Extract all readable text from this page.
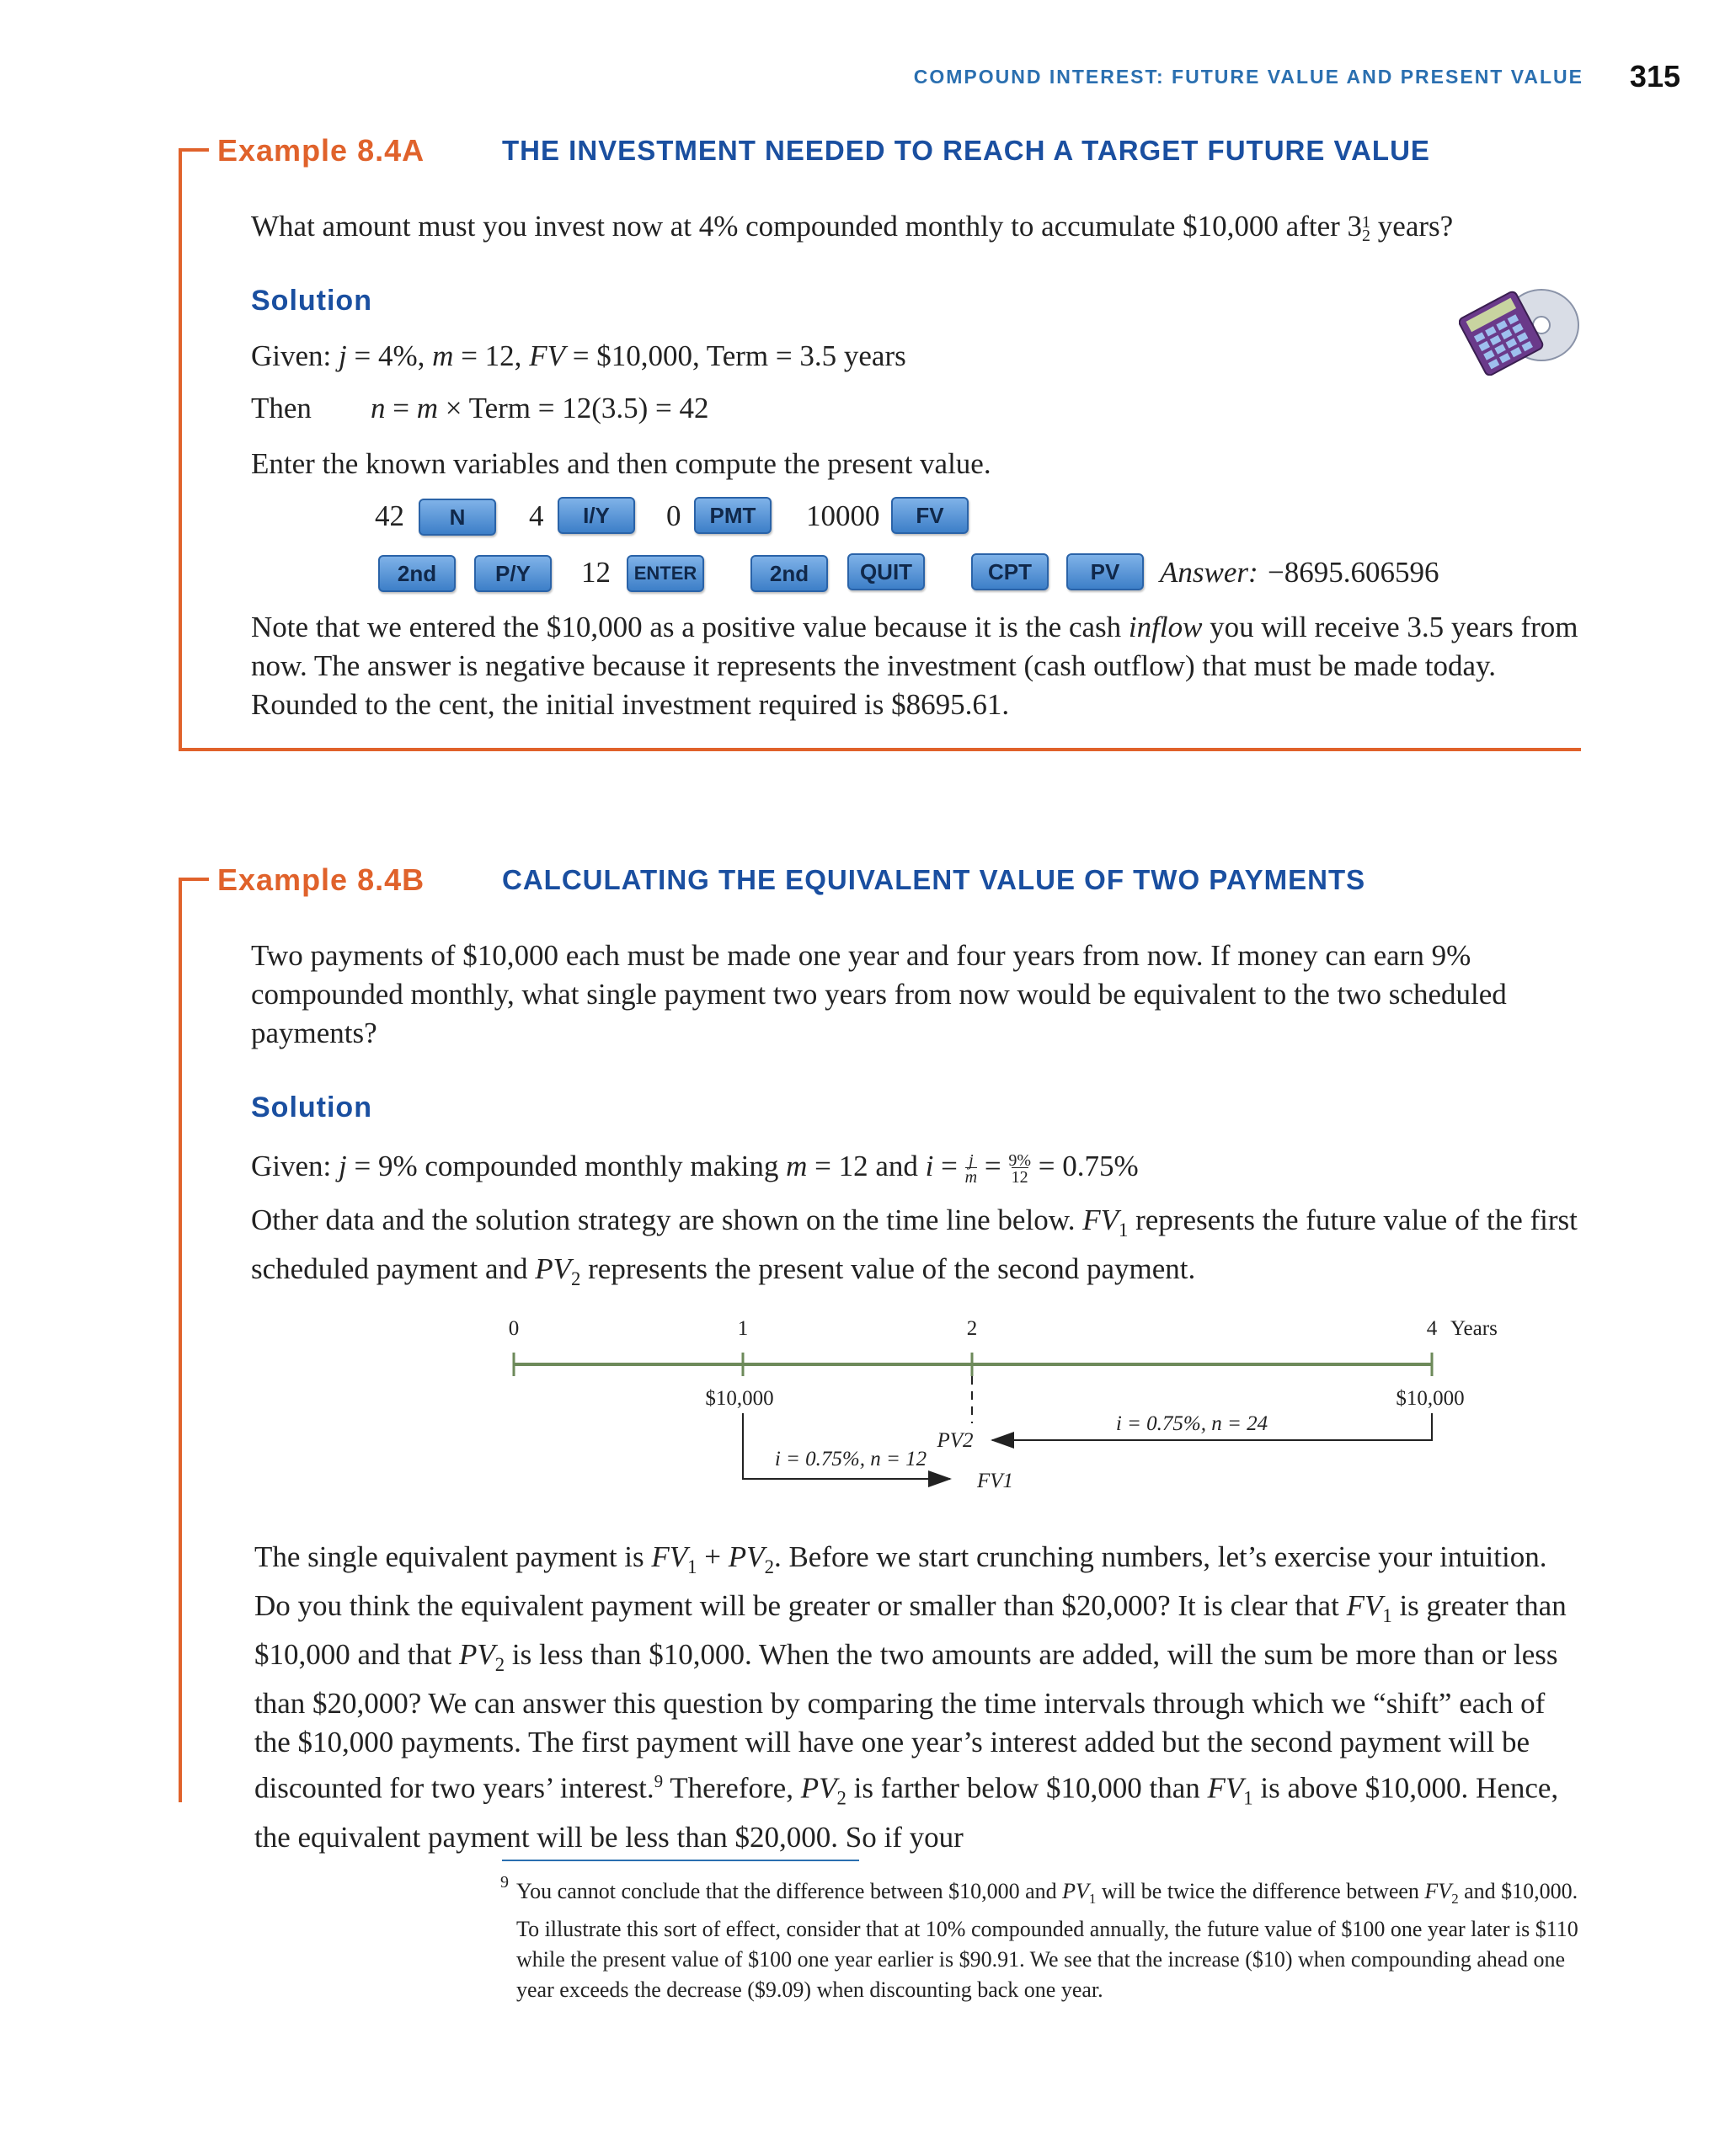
COMPOUND INTEREST: FUTURE VALUE AND PRESENT VALUE	315
Example 8.4A	THE INVESTMENT NEEDED TO REACH A TARGET FUTURE VALUE
What amount must you invest now at 4% compounded monthly to accumulate $10,000 after 31
2 years?
Solution
Given: j = 4%, m = 12, FV = $10,000, Term = 3.5 years
Then n = m × Term = 12(3.5) = 42
Enter the known variables and then compute the present value.
42	N	4	I/Y	0	PMT	10000	FV
2nd	P/Y	12	ENTER	2nd	QUIT	CPT	PV	Answer: −8695.606596
Note that we entered the $10,000 as a positive value because it is the cash inflow you will receive 3.5 years from now. The answer is negative because it represents the investment (cash outflow) that must be made today. Rounded to the cent, the initial investment required is $8695.61.
Example 8.4B	CALCULATING THE EQUIVALENT VALUE OF TWO PAYMENTS
Two payments of $10,000 each must be made one year and four years from now. If money can earn 9% compounded monthly, what single payment two years from now would be equivalent to the two scheduled payments?
Solution
Given: j = 9% compounded monthly making m = 12 and $i = \frac{j}{m} = 9\%$
12 = 0.75%
Other data and the solution strategy are shown on the time line below. $FV_1$ represents the future value of the first scheduled payment and $PV_2$ represents the present value of the second payment.
0	1	2	4 Years
$10,000	$10,000
i = 0.75%, n = 24
i = 0.75%, n = 12
PV2
FV1
The single equivalent payment is $FV_1 + PV_2$. Before we start crunching numbers, let’s exercise your intuition. Do you think the equivalent payment will be greater or smaller than $20,000? It is clear that $FV_1$ is greater than $10,000 and that $PV_2$ is less than $10,000. When the two amounts are added, will the sum be more than or less than $20,000? We can answer this question by comparing the time intervals through which we “shift” each of the $10,000 payments. The first payment will have one year’s interest added but the second payment will be discounted for two years’ interest.$^9$ Therefore, $PV_2$ is farther below $10,000 than $FV_1$ is above $10,000. Hence, the equivalent payment will be less than $20,000. So if your
9 You cannot conclude that the difference between $10,000 and $PV_1$ will be twice the difference between $FV_2$ and $10,000. To illustrate this sort of effect, consider that at 10% compounded annually, the future value of $100 one year later is $110 while the present value of $100 one year earlier is $90.91. We see that the increase ($10) when compounding ahead one year exceeds the decrease ($9.09) when discounting back one year.
